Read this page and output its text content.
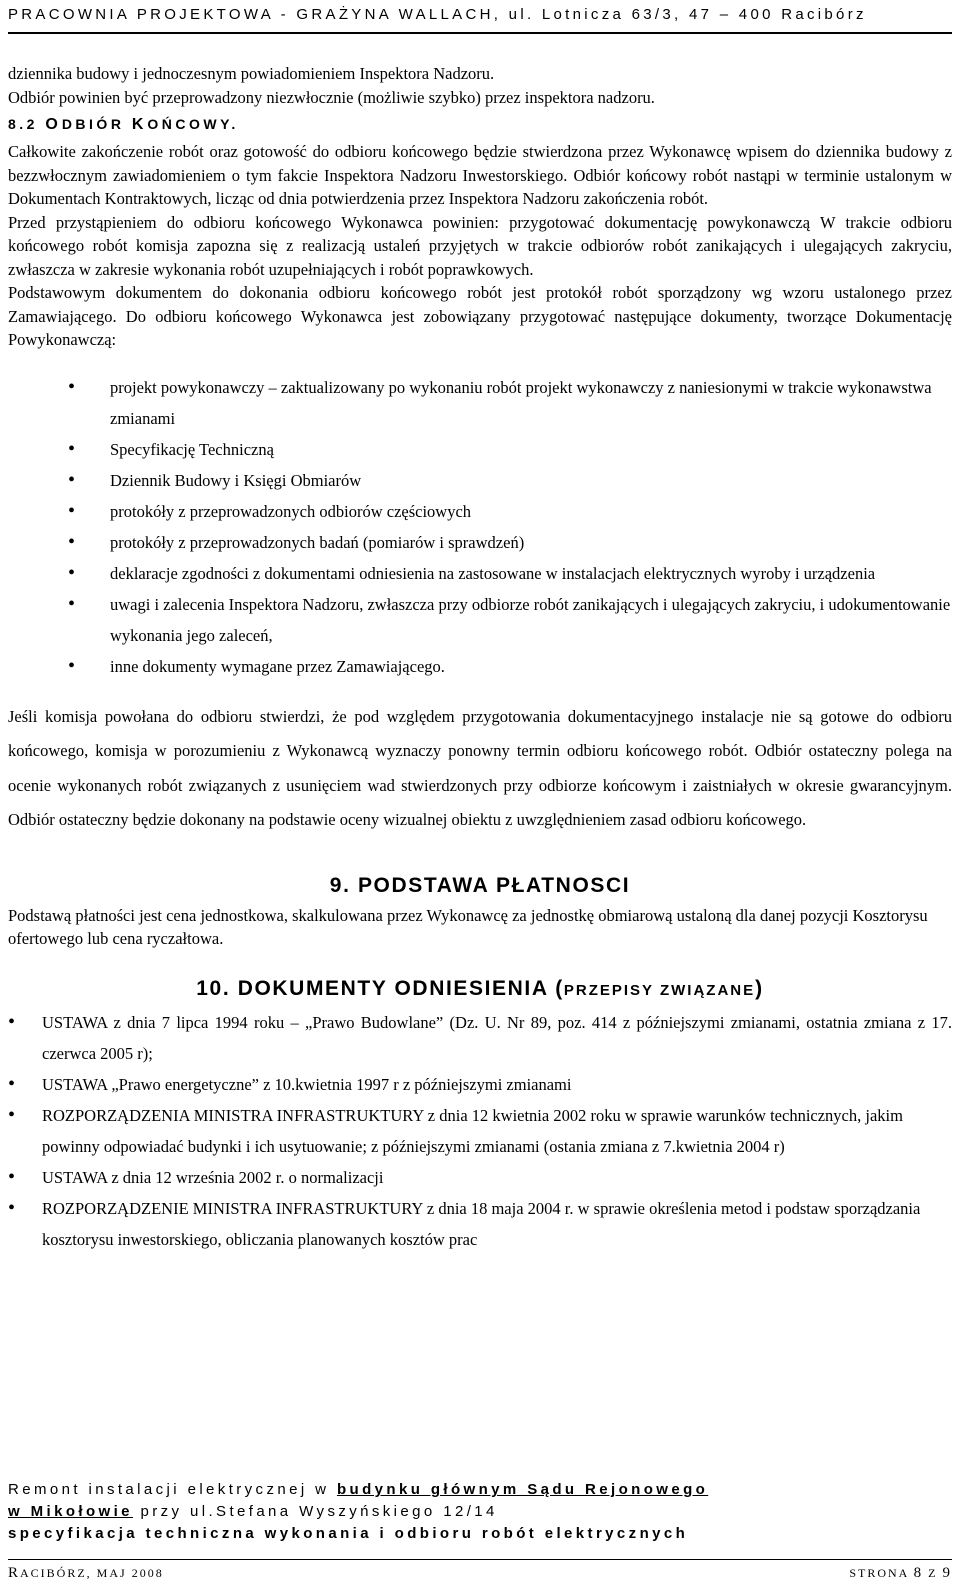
PRACOWNIA PROJEKTOWA - GRAŻYNA WALLACH, ul. Lotnicza 63/3, 47 – 400 Racibórz

dziennika budowy i jednoczesnym powiadomieniem Inspektora Nadzoru.

Odbiór powinien być przeprowadzony niezwłocznie (możliwie szybko) przez inspektora nadzoru.

8.2 ODBIÓR KOŃCOWY.

Całkowite zakończenie robót oraz gotowość do odbioru końcowego będzie stwierdzona przez Wykonawcę wpisem do dziennika budowy z bezzwłocznym zawiadomieniem o tym fakcie Inspektora Nadzoru Inwestorskiego. Odbiór końcowy robót nastąpi w terminie ustalonym w Dokumentach Kontraktowych, licząc od dnia potwierdzenia przez Inspektora Nadzoru zakończenia robót.

Przed przystąpieniem do odbioru końcowego Wykonawca powinien: przygotować dokumentację powykonawczą W trakcie odbioru końcowego robót komisja zapozna się z realizacją ustaleń przyjętych w trakcie odbiorów robót zanikających i ulegających zakryciu, zwłaszcza w zakresie wykonania robót uzupełniających i robót poprawkowych.

Podstawowym dokumentem do dokonania odbioru końcowego robót jest protokół robót sporządzony wg wzoru ustalonego przez Zamawiającego. Do odbioru końcowego Wykonawca jest zobowiązany przygotować następujące dokumenty, tworzące Dokumentację Powykonawczą:

• projekt powykonawczy – zaktualizowany po wykonaniu robót projekt wykonawczy z naniesionymi w trakcie wykonawstwa zmianami
• Specyfikację Techniczną
• Dziennik Budowy i Księgi Obmiarów
• protokóły z przeprowadzonych odbiorów częściowych
• protokóły z przeprowadzonych badań (pomiarów i sprawdzeń)
• deklaracje zgodności z dokumentami odniesienia na zastosowane w instalacjach elektrycznych wyroby i urządzenia
• uwagi i zalecenia Inspektora Nadzoru, zwłaszcza przy odbiorze robót zanikających i ulegających zakryciu, i udokumentowanie wykonania jego zaleceń,
• inne dokumenty wymagane przez Zamawiającego.

Jeśli komisja powołana do odbioru stwierdzi, że pod względem przygotowania dokumentacyjnego instalacje nie są gotowe do odbioru końcowego, komisja w porozumieniu z Wykonawcą wyznaczy ponowny termin odbioru końcowego robót. Odbiór ostateczny polega na ocenie wykonanych robót związanych z usunięciem wad stwierdzonych przy odbiorze końcowym i zaistniałych w okresie gwarancyjnym. Odbiór ostateczny będzie dokonany na podstawie oceny wizualnej obiektu z uwzględnieniem zasad odbioru końcowego.

9. PODSTAWA PŁATNOSCI

Podstawą płatności jest cena jednostkowa, skalkulowana przez Wykonawcę za jednostkę obmiarową ustaloną dla danej pozycji Kosztorysu ofertowego lub cena ryczałtowa.

10. DOKUMENTY ODNIESIENIA (PRZEPISY ZWIĄZANE)
• USTAWA z dnia 7 lipca 1994 roku – „Prawo Budowlane” (Dz. U. Nr 89, poz. 414 z późniejszymi zmianami, ostatnia zmiana z 17. czerwca 2005 r);
• USTAWA „Prawo energetyczne” z 10.kwietnia 1997 r z późniejszymi zmianami
• ROZPORZĄDZENIA MINISTRA INFRASTRUKTURY z dnia 12 kwietnia 2002 roku w sprawie warunków technicznych, jakim powinny odpowiadać budynki i ich usytuowanie; z późniejszymi zmianami (ostania zmiana z 7.kwietnia 2004 r)
• USTAWA z dnia 12 września 2002 r. o normalizacji
• ROZPORZĄDZENIE MINISTRA INFRASTRUKTURY z dnia 18 maja 2004 r. w sprawie określenia metod i podstaw sporządzania kosztorysu inwestorskiego, obliczania planowanych kosztów prac
Remont instalacji elektrycznej w budynku głównym Sądu Rejonowego
w Mikołowie przy ul.Stefana Wyszyńskiego 12/14
specyfikacja techniczna wykonania i odbioru robót elektrycznych
RACIBÓRZ, MAJ 2008	STRONA 8 Z 9
